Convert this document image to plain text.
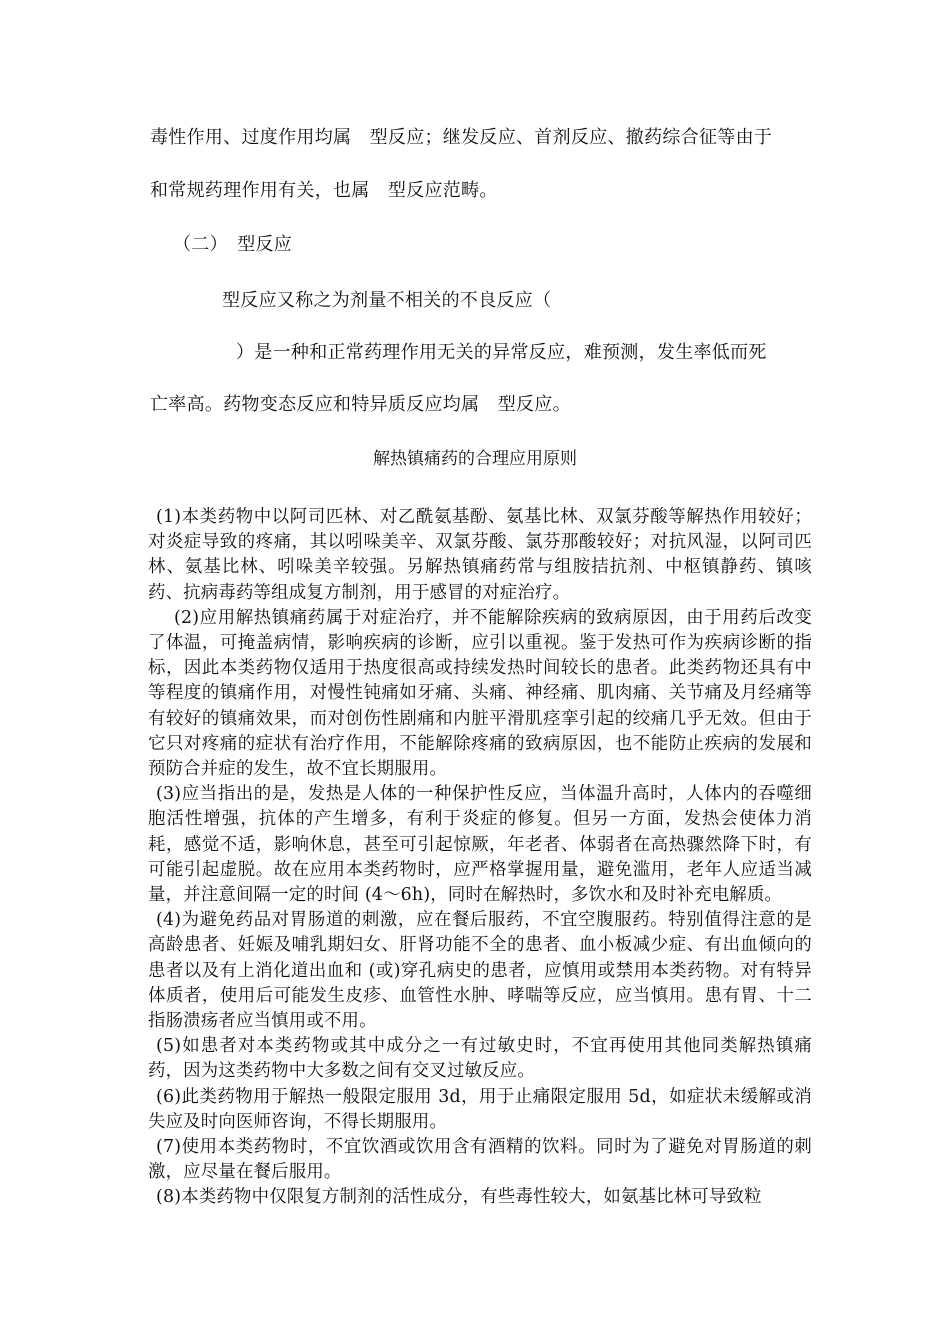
毒性作用、过度作用均属　型反应；继发反应、首剂反应、撤药综合征等由于
和常规药理作用有关，也属　型反应范畴。
（二）　型反应
型反应又称之为剂量不相关的不良反应（
）是一种和正常药理作用无关的异常反应，难预测，发生率低而死
亡率高。药物变态反应和特异质反应均属　型反应。
解热镇痛药的合理应用原则

(1)本类药物中以阿司匹林、对乙酰氨基酚、氨基比林、双氯芬酸等解热作用较好；对炎症导致的疼痛，其以吲哚美辛、双氯芬酸、氯芬那酸较好；对抗风湿，以阿司匹林、氨基比林、吲哚美辛较强。另解热镇痛药常与组胺拮抗剂、中枢镇静药、镇咳药、抗病毒药等组成复方制剂，用于感冒的对症治疗。

(2)应用解热镇痛药属于对症治疗，并不能解除疾病的致病原因，由于用药后改变了体温，可掩盖病情，影响疾病的诊断，应引以重视。鉴于发热可作为疾病诊断的指标，因此本类药物仅适用于热度很高或持续发热时间较长的患者。此类药物还具有中等程度的镇痛作用，对慢性钝痛如牙痛、头痛、神经痛、肌肉痛、关节痛及月经痛等有较好的镇痛效果，而对创伤性剧痛和内脏平滑肌痉挛引起的绞痛几乎无效。但由于它只对疼痛的症状有治疗作用，不能解除疼痛的致病原因，也不能防止疾病的发展和预防合并症的发生，故不宜长期服用。

(3)应当指出的是，发热是人体的一种保护性反应，当体温升高时，人体内的吞噬细胞活性增强，抗体的产生增多，有利于炎症的修复。但另一方面，发热会使体力消耗，感觉不适，影响休息，甚至可引起惊厥，年老者、体弱者在高热骤然降下时，有可能引起虚脱。故在应用本类药物时，应严格掌握用量，避免滥用，老年人应适当减量，并注意间隔一定的时间 (4～6h)，同时在解热时，多饮水和及时补充电解质。

(4)为避免药品对胃肠道的刺激，应在餐后服药，不宜空腹服药。特别值得注意的是高龄患者、妊娠及哺乳期妇女、肝肾功能不全的患者、血小板减少症、有出血倾向的患者以及有上消化道出血和 (或)穿孔病史的患者，应慎用或禁用本类药物。对有特异体质者，使用后可能发生皮疹、血管性水肿、哮喘等反应，应当慎用。患有胃、十二指肠溃疡者应当慎用或不用。

(5)如患者对本类药物或其中成分之一有过敏史时，不宜再使用其他同类解热镇痛药，因为这类药物中大多数之间有交叉过敏反应。

(6)此类药物用于解热一般限定服用 3d，用于止痛限定服用 5d，如症状未缓解或消失应及时向医师咨询，不得长期服用。

(7)使用本类药物时，不宜饮酒或饮用含有酒精的饮料。同时为了避免对胃肠道的刺激，应尽量在餐后服用。

(8)本类药物中仅限复方制剂的活性成分，有些毒性较大，如氨基比林可导致粒
